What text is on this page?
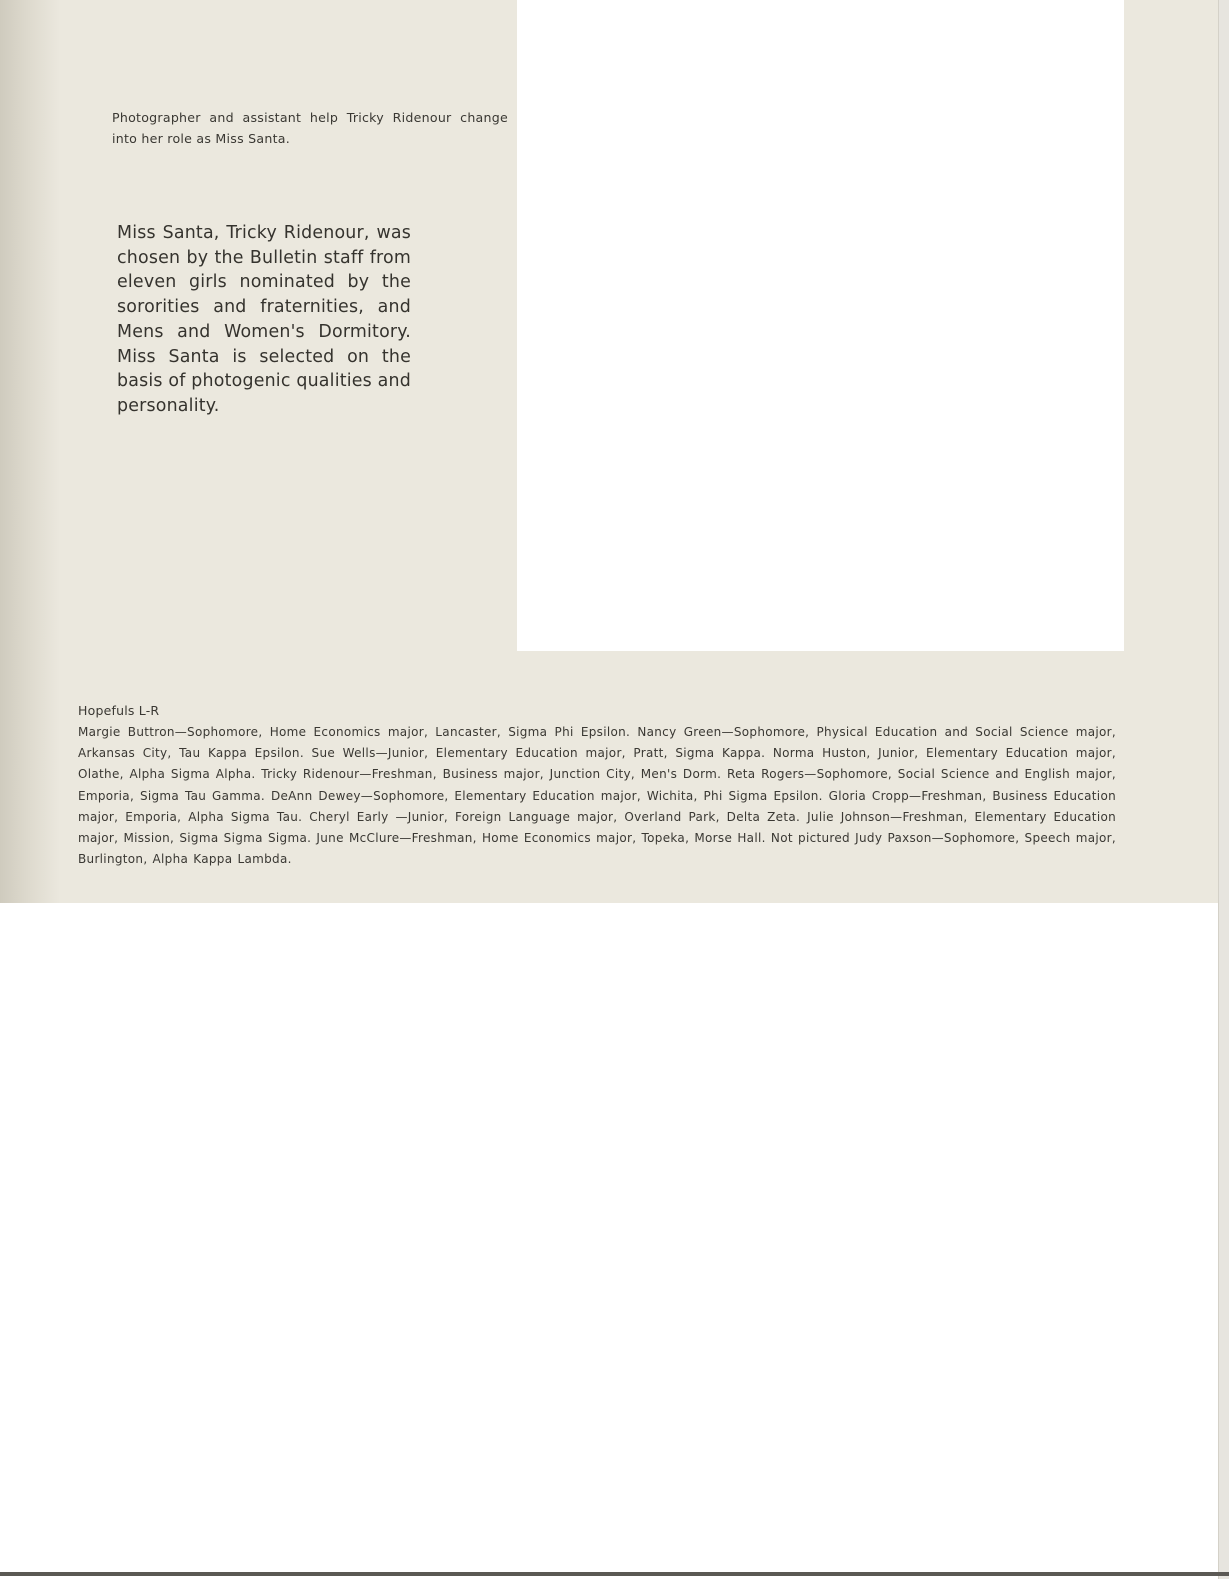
Photographer and assistant help Tricky Ridenour change into her role as Miss Santa.

Miss Santa, Tricky Ridenour, was chosen by the Bulletin staff from eleven girls nominated by the sororities and fraternities, and Mens and Women's Dormitory. Miss Santa is selected on the basis of photogenic qualities and personality.

Hopefuls L-R

Margie Buttron—Sophomore, Home Economics major, Lancaster, Sigma Phi Epsilon. Nancy Green—Sophomore, Physical Education and Social Science major, Arkansas City, Tau Kappa Epsilon. Sue Wells—Junior, Elementary Education major, Pratt, Sigma Kappa. Norma Huston, Junior, Elementary Education major, Olathe, Alpha Sigma Alpha. Tricky Ridenour—Freshman, Business major, Junction City, Men's Dorm. Reta Rogers—Sophomore, Social Science and English major, Emporia, Sigma Tau Gamma. DeAnn Dewey—Sophomore, Elementary Education major, Wichita, Phi Sigma Epsilon. Gloria Cropp—Freshman, Business Education major, Emporia, Alpha Sigma Tau. Cheryl Early —Junior, Foreign Language major, Overland Park, Delta Zeta. Julie Johnson—Freshman, Elementary Education major, Mission, Sigma Sigma Sigma. June McClure—Freshman, Home Economics major, Topeka, Morse Hall. Not pictured Judy Paxson—Sophomore, Speech major, Burlington, Alpha Kappa Lambda.
